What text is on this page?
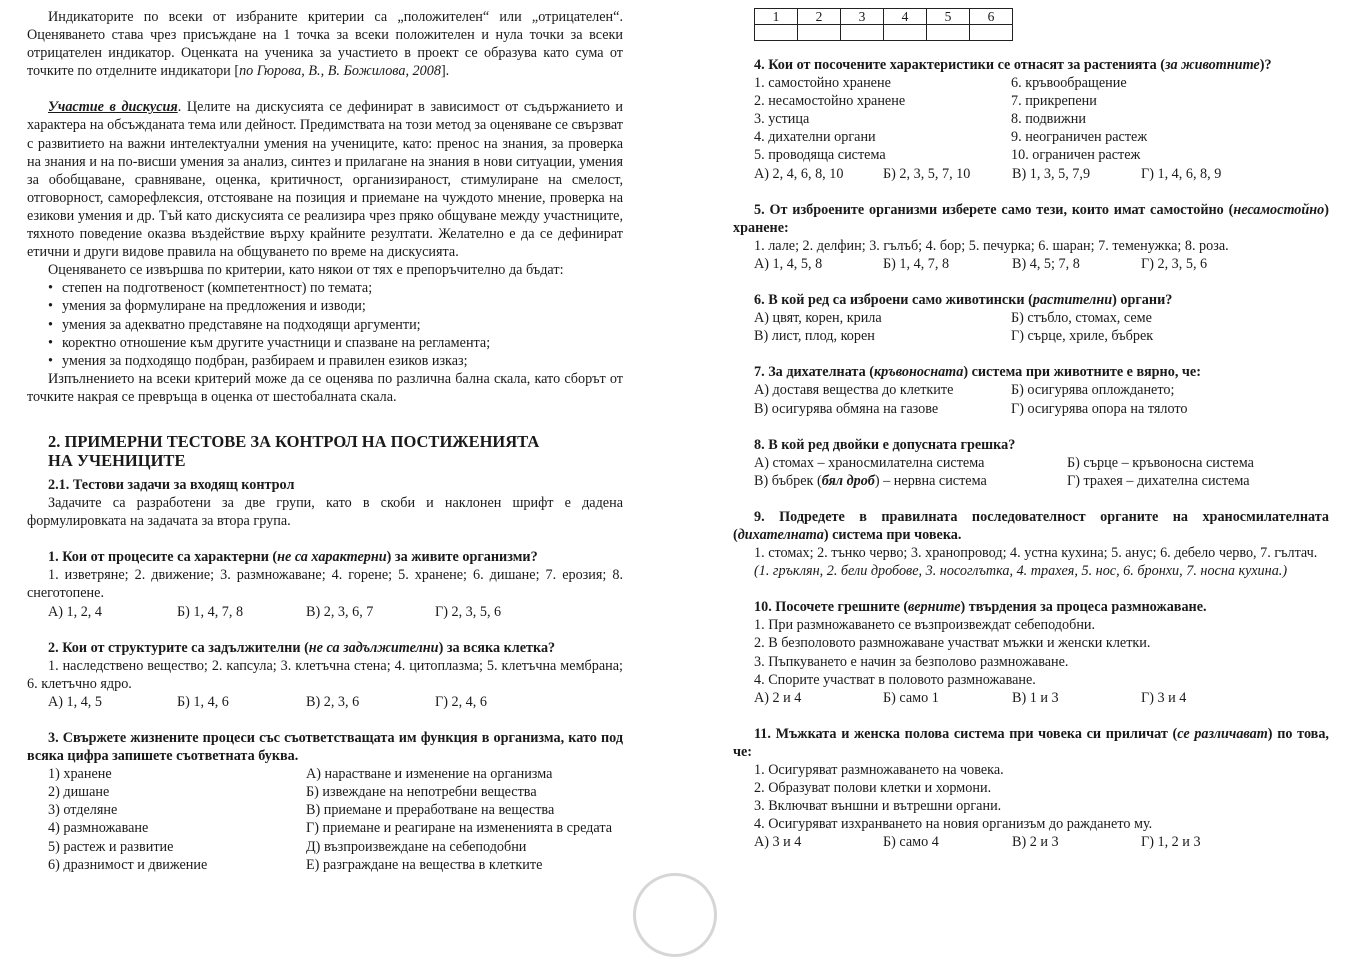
Индикаторите по всеки от избраните критерии са „положителен“ или „отрицателен“. Оценяването става чрез присъждане на 1 точка за всеки положителен и нула точки за всеки отрицателен индикатор. Оценката на ученика за участието в проект се образува като сума от точките по отделните индикатори [по Гюрова, В., В. Божилова, 2008].

Участие в дискусия. Целите на дискусията се дефинират в зависимост от съдържанието и характера на обсъжданата тема или дейност. Предимствата на този метод за оценяване се свързват с развитието на важни интелектуални умения на учениците, като: пренос на знания, за проверка на знания и на по-висши умения за анализ, синтез и прилагане на знания в нови ситуации, умения за обобщаване, сравняване, оценка, критичност, организираност, стимулиране на смелост, отговорност, саморефлексия, отстояване на позиция и приемане на чуждото мнение, проверка на езикови умения и др. Тъй като дискусията се реализира чрез пряко общуване между участниците, тяхното поведение оказва въздействие върху крайните резултати. Желателно е да се дефинират етични и други видове правила на общуването по време на дискусията.

Оценяването се извършва по критерии, като някои от тях е препоръчително да бъдат:

• степен на подготвеност (компетентност) по темата;
• умения за формулиране на предложения и изводи;
• умения за адекватно представяне на подходящи аргументи;
• коректно отношение към другите участници и спазване на регламента;
• умения за подходящо подбран, разбираем и правилен езиков изказ;

Изпълнението на всеки критерий може да се оценява по различна бална скала, като сборът от точките накрая се превръща в оценка от шестобалната скала.

2. ПРИМЕРНИ ТЕСТОВЕ ЗА КОНТРОЛ НА ПОСТИЖЕНИЯТА
НА УЧЕНИЦИТЕ
2.1. Тестови задачи за входящ контрол

Задачите са разработени за две групи, като в скоби и наклонен шрифт е дадена формулировката на задачата за втора група.

1. Кои от процесите са характерни (не са характерни) за живите организми?

1. изветряне; 2. движение; 3. размножаване; 4. горене; 5. хранене; 6. дишане; 7. ерозия; 8. снеготопене.

А) 1, 2, 4	Б) 1, 4, 7, 8	В) 2, 3, 6, 7	Г) 2, 3, 5, 6

2. Кои от структурите са задължителни (не са задължителни) за всяка клетка?

1. наследствено вещество; 2. капсула; 3. клетъчна стена; 4. цитоплазма; 5. клетъчна мембрана; 6. клетъчно ядро.

А) 1, 4, 5	Б) 1, 4, 6	В) 2, 3, 6	Г) 2, 4, 6

3. Свържете жизнените процеси със съответстващата им функция в организма, като под всяка цифра запишете съответната буква.

1) хранене	А) нарастване и изменение на организма
2) дишане	Б) извеждане на непотребни вещества
3) отделяне	В) приемане и преработване на вещества
4) размножаване	Г) приемане и реагиране на измененията в средата
5) растеж и развитие	Д) възпроизвеждане на себеподобни
6) дразнимост и движение	Е) разграждане на вещества в клетките
1	2	3	4	5	6

4. Кои от посочените характеристики се отнасят за растенията (за животните)?

1. самостойно хранене	6. кръвообращение
2. несамостойно хранене	7. прикрепени
3. устица	8. подвижни
4. дихателни органи	9. неограничен растеж
5. проводяща система	10. ограничен растеж
А) 2, 4, 6, 8, 10	Б) 2, 3, 5, 7, 10	В) 1, 3, 5, 7,9	Г) 1, 4, 6, 8, 9

5. От изброените организми изберете само тези, които имат самостойно (несамостойно) хранене:

1. лале; 2. делфин; 3. гълъб; 4. бор; 5. печурка; 6. шаран; 7. теменужка; 8. роза.

А) 1, 4, 5, 8	Б) 1, 4, 7, 8	В) 4, 5; 7, 8	Г) 2, 3, 5, 6

6. В кой ред са изброени само животински (растителни) органи?

А) цвят, корен, крила	Б) стъбло, стомах, семе
В) лист, плод, корен	Г) сърце, хриле, бъбрек

7. За дихателната (кръвоносната) система при животните е вярно, че:

А) доставя вещества до клетките	Б) осигурява оплождането;
В) осигурява обмяна на газове	Г) осигурява опора на тялото

8. В кой ред двойки е допусната грешка?

А) стомах – храносмилателна система	Б) сърце – кръвоносна система
В) бъбрек (бял дроб) – нервна система	Г) трахея – дихателна система

9. Подредете в правилната последователност органите на храносмилателната (дихателната) система при човека.

1. стомах; 2. тънко черво; 3. хранопровод; 4. устна кухина; 5. анус; 6. дебело черво, 7. гълтач.

(1. гръклян, 2. бели дробове, 3. носоглътка, 4. трахея, 5. нос, 6. бронхи, 7. носна кухина.)

10. Посочете грешните (верните) твърдения за процеса размножаване.

1. При размножаването се възпроизвеждат себеподобни.
2. В безполовото размножаване участват мъжки и женски клетки.
3. Пъпкуването е начин за безполово размножаване.
4. Спорите участват в половото размножаване.
А) 2 и 4	Б) само 1	В) 1 и 3	Г) 3 и 4

11. Мъжката и женска полова система при човека си приличат (се различават) по това, че:

1. Осигуряват размножаването на човека.
2. Образуват полови клетки и хормони.
3. Включват външни и вътрешни органи.
4. Осигуряват изхранването на новия организъм до раждането му.
А) 3 и 4	Б) само 4	В) 2 и 3	Г) 1, 2 и 3
